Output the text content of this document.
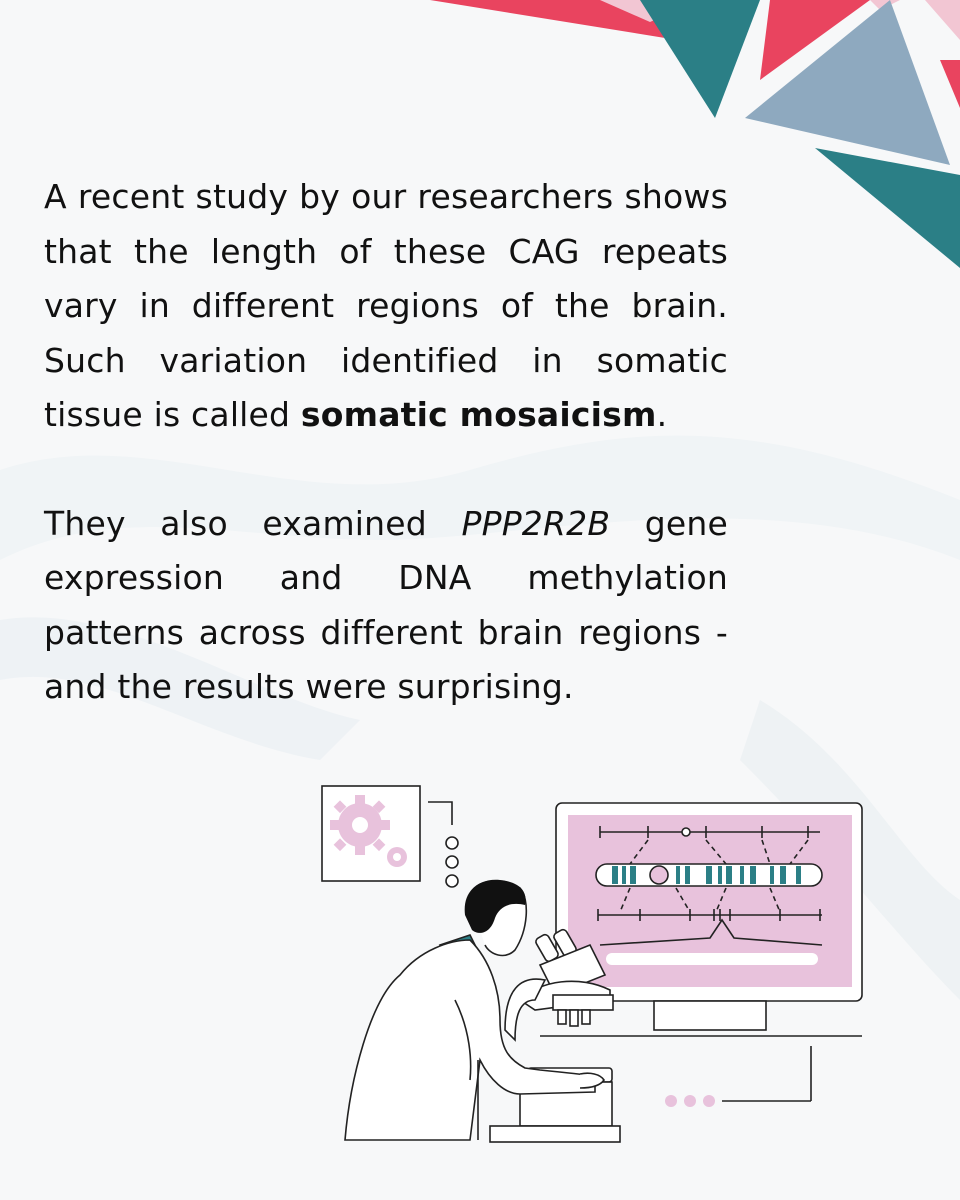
A recent study by our researchers shows that the length of these CAG repeats vary in different regions of the brain. Such variation identified in somatic tissue is called somatic mosaicism.

They also examined PPP2R2B gene expression and DNA methylation patterns across different brain regions - and the results were surprising.
